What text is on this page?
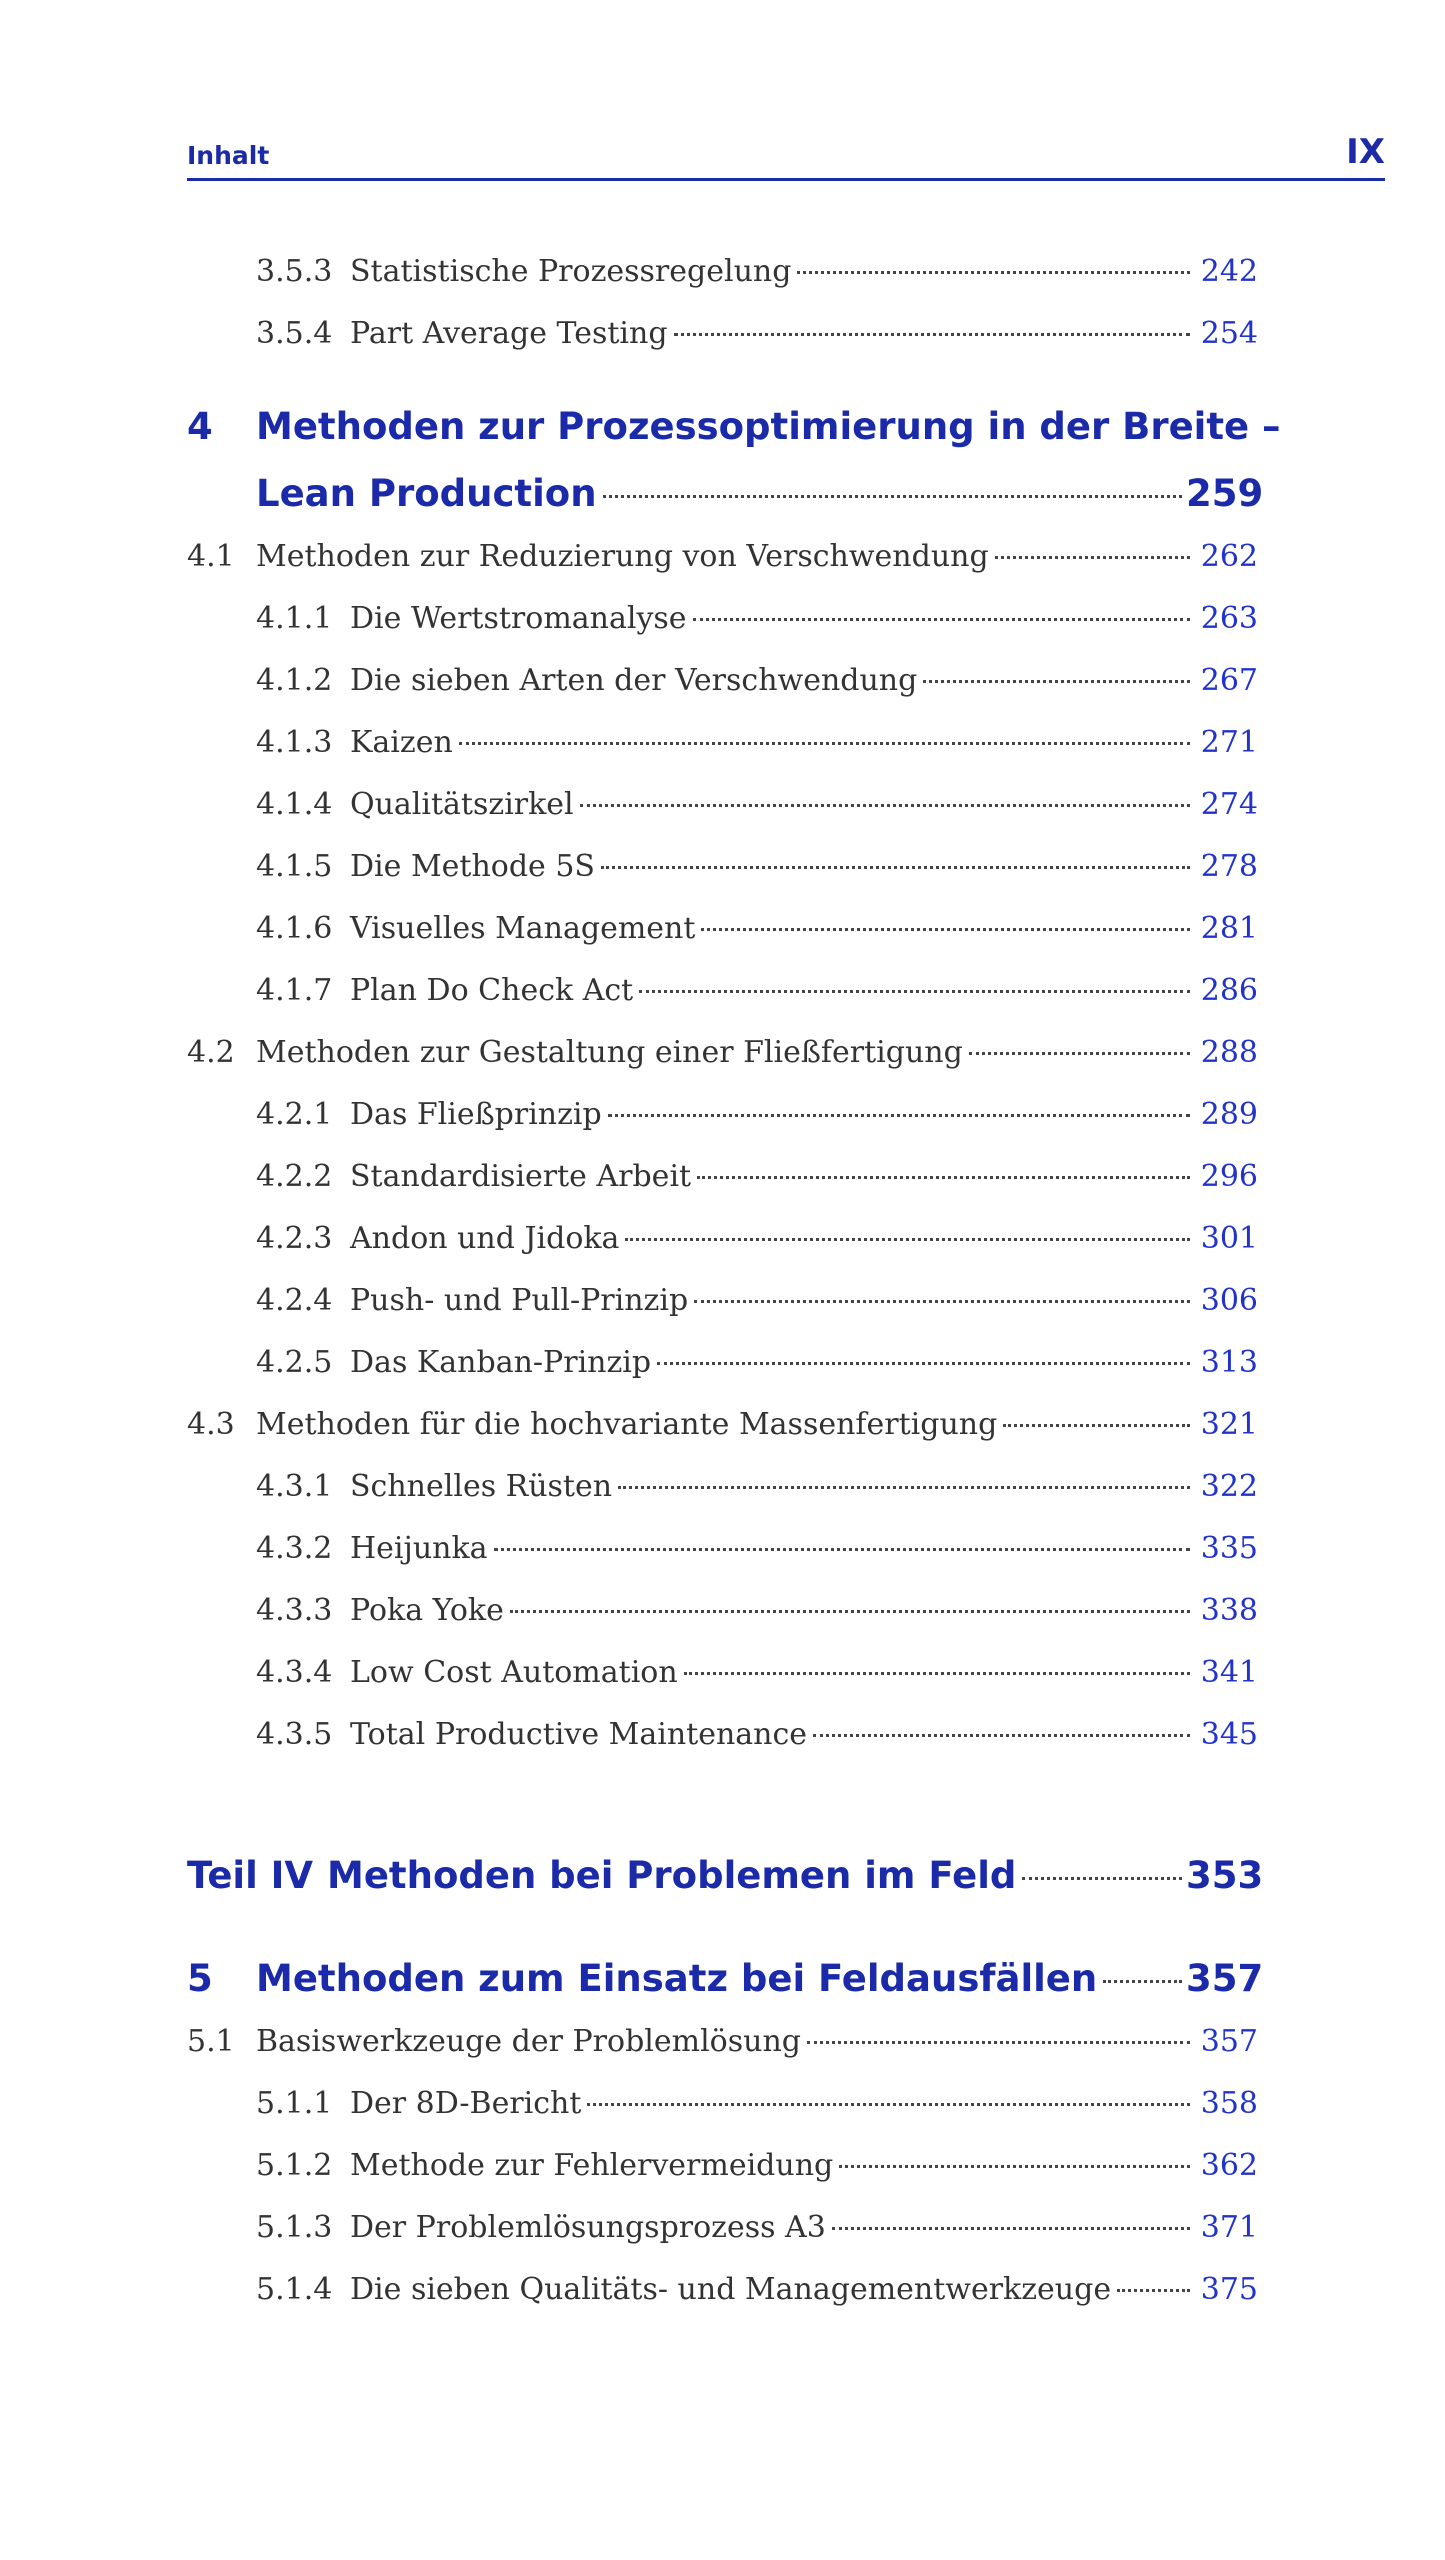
Inhalt	IX
3.5.3 Statistische Prozessregelung	242
3.5.4 Part Average Testing	254
4 Methoden zur Prozessoptimierung in der Breite –
Lean Production	259
4.1 Methoden zur Reduzierung von Verschwendung	262
4.1.1 Die Wertstromanalyse	263
4.1.2 Die sieben Arten der Verschwendung	267
4.1.3 Kaizen	271
4.1.4 Qualitätszirkel	274
4.1.5 Die Methode 5S	278
4.1.6 Visuelles Management	281
4.1.7 Plan Do Check Act	286
4.2 Methoden zur Gestaltung einer Fließfertigung	288
4.2.1 Das Fließprinzip	289
4.2.2 Standardisierte Arbeit	296
4.2.3 Andon und Jidoka	301
4.2.4 Push- und Pull-Prinzip	306
4.2.5 Das Kanban-Prinzip	313
4.3 Methoden für die hochvariante Massenfertigung	321
4.3.1 Schnelles Rüsten	322
4.3.2 Heijunka	335
4.3.3 Poka Yoke	338
4.3.4 Low Cost Automation	341
4.3.5 Total Productive Maintenance	345
Teil IV Methoden bei Problemen im Feld	353
5	Methoden zum Einsatz bei Feldausfällen 357
5.1 Basiswerkzeuge der Problemlösung	357
5.1.1 Der 8D-Bericht	358
5.1.2 Methode zur Fehlervermeidung	362
5.1.3 Der Problemlösungsprozess A3	371
5.1.4 Die sieben Qualitäts- und Managementwerkzeuge	375
